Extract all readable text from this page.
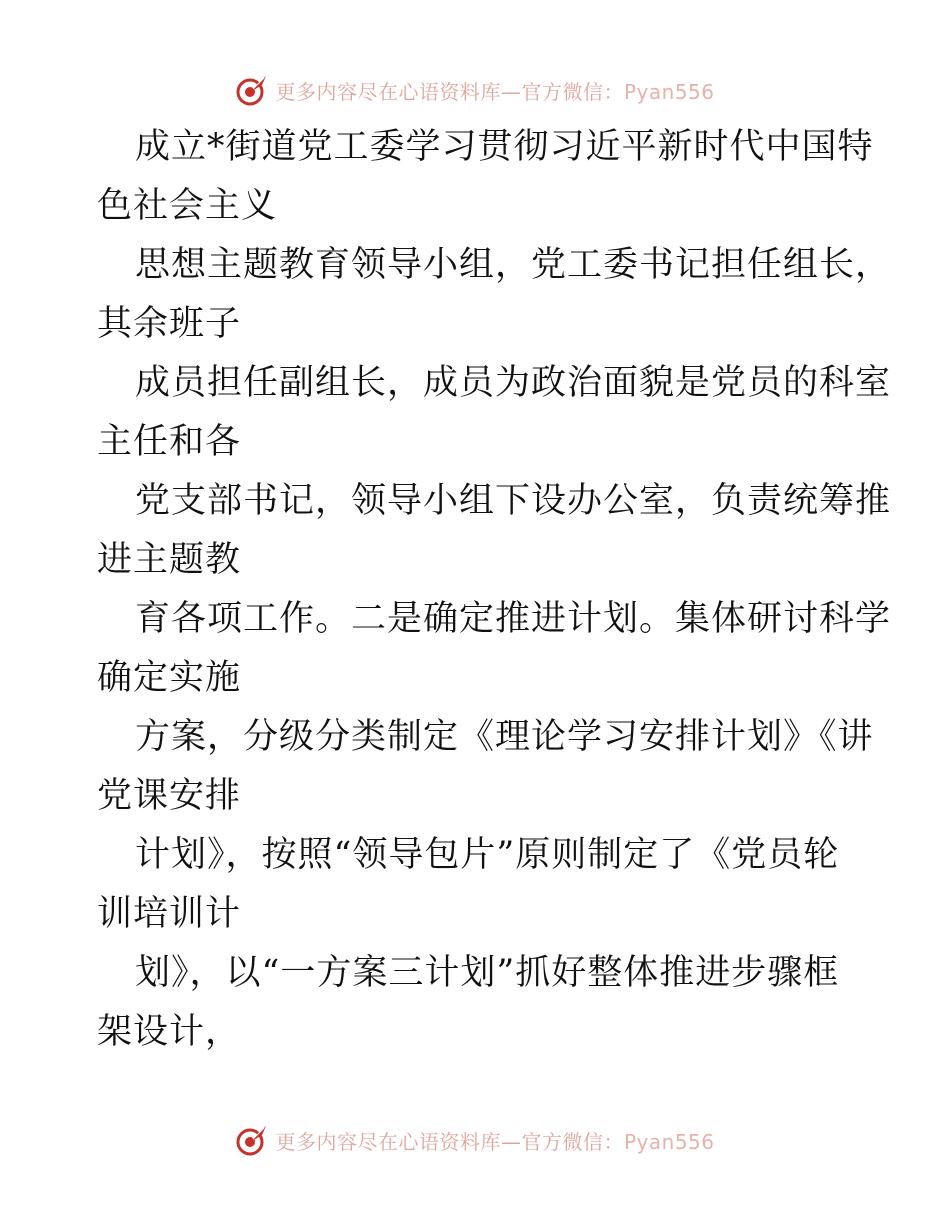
更多内容尽在心语资料库—官方微信：Pyan556
成立*街道党工委学习贯彻习近平新时代中国特
色社会主义
思想主题教育领导小组，党工委书记担任组长，
其余班子
成员担任副组长，成员为政治面貌是党员的科室
主任和各
党支部书记，领导小组下设办公室，负责统筹推
进主题教
育各项工作。二是确定推进计划。集体研讨科学
确定实施
方案，分级分类制定《理论学习安排计划》《讲
党课安排
计划》，按照“领导包片”原则制定了《党员轮
训培训计
划》，以“一方案三计划”抓好整体推进步骤框
架设计，
更多内容尽在心语资料库—官方微信：Pyan556
